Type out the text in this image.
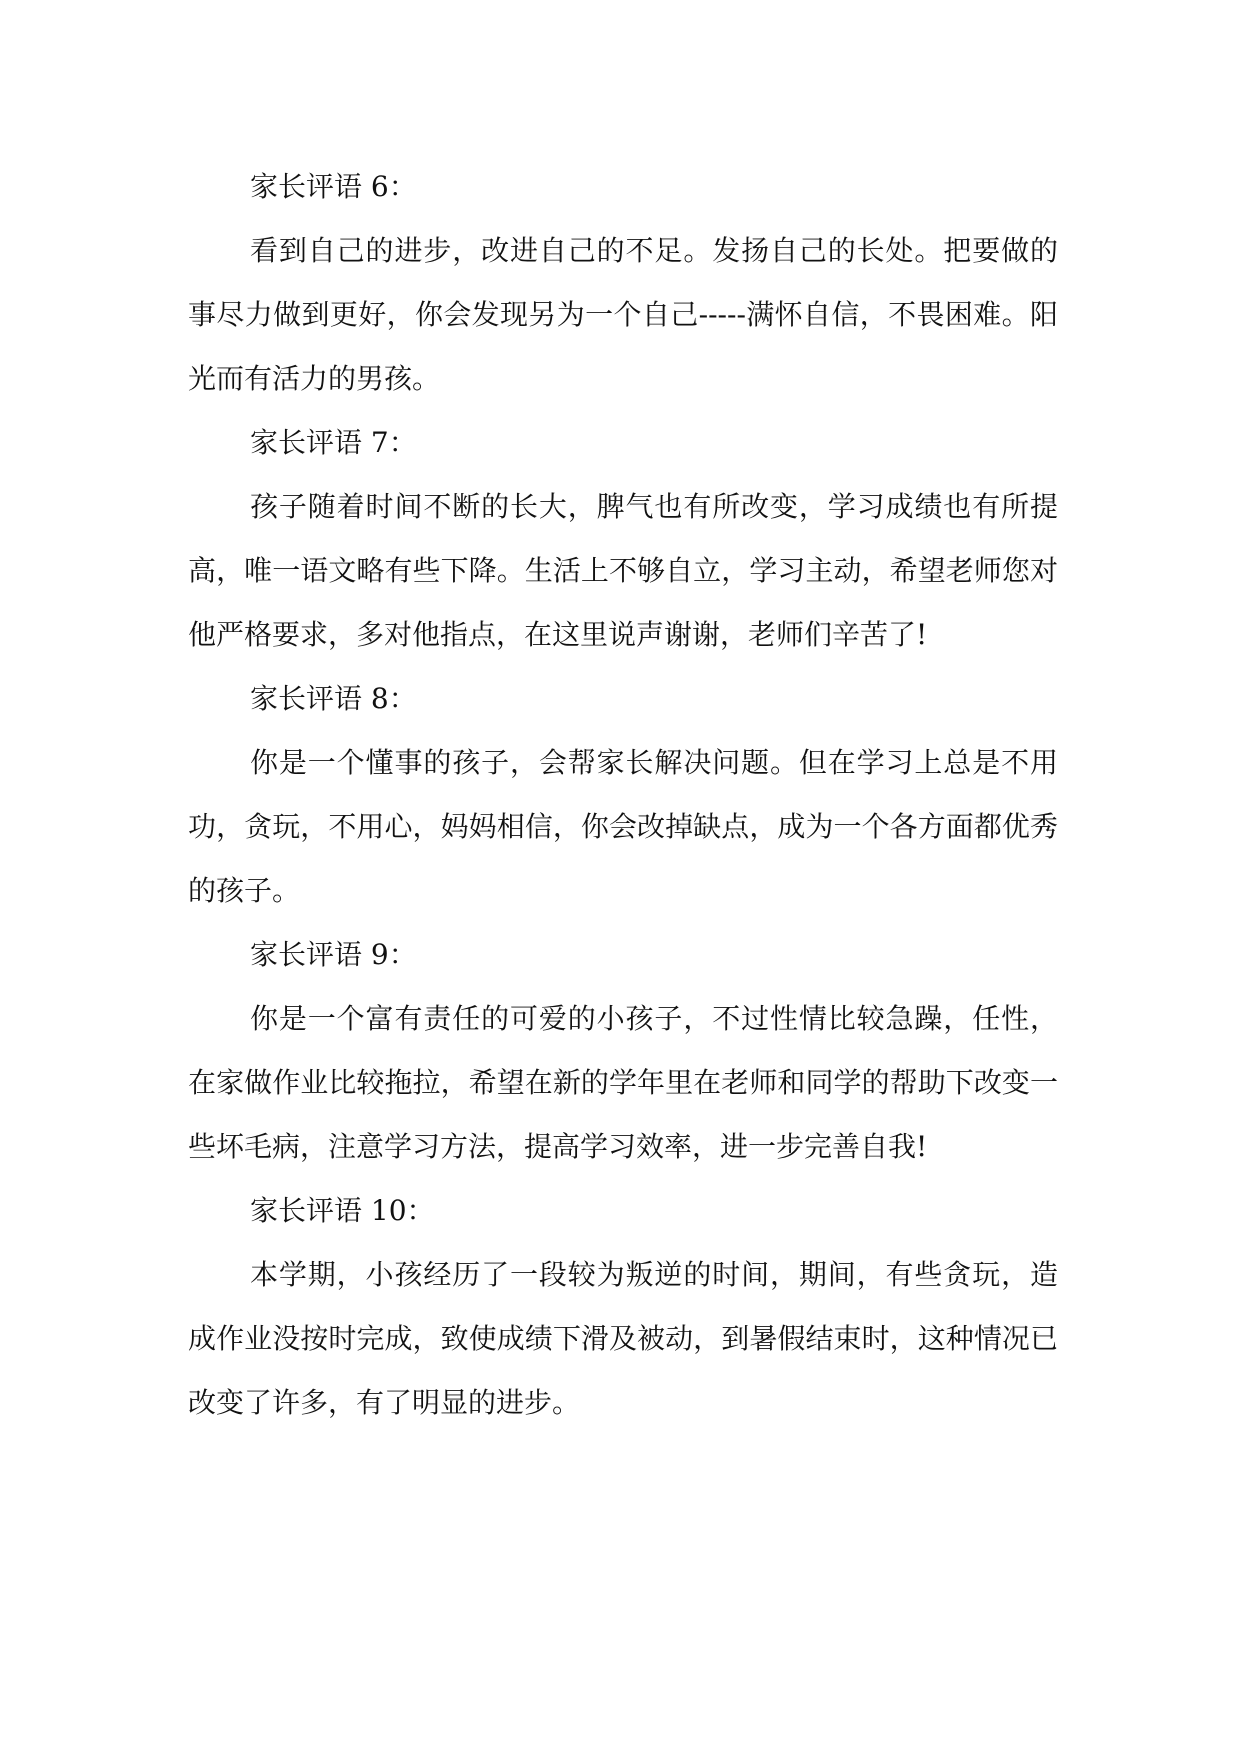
家长评语 6：

看到自己的进步，改进自己的不足。发扬自己的长处。把要做的事尽力做到更好，你会发现另为一个自己-----满怀自信，不畏困难。阳光而有活力的男孩。

家长评语 7：

孩子随着时间不断的长大，脾气也有所改变，学习成绩也有所提高，唯一语文略有些下降。生活上不够自立，学习主动，希望老师您对他严格要求，多对他指点，在这里说声谢谢，老师们辛苦了!

家长评语 8：

你是一个懂事的孩子，会帮家长解决问题。但在学习上总是不用功，贪玩，不用心，妈妈相信，你会改掉缺点，成为一个各方面都优秀的孩子。

家长评语 9：

你是一个富有责任的可爱的小孩子，不过性情比较急躁，任性，在家做作业比较拖拉，希望在新的学年里在老师和同学的帮助下改变一些坏毛病，注意学习方法，提高学习效率，进一步完善自我!

家长评语 10：

本学期，小孩经历了一段较为叛逆的时间，期间，有些贪玩，造成作业没按时完成，致使成绩下滑及被动，到暑假结束时，这种情况已改变了许多，有了明显的进步。
